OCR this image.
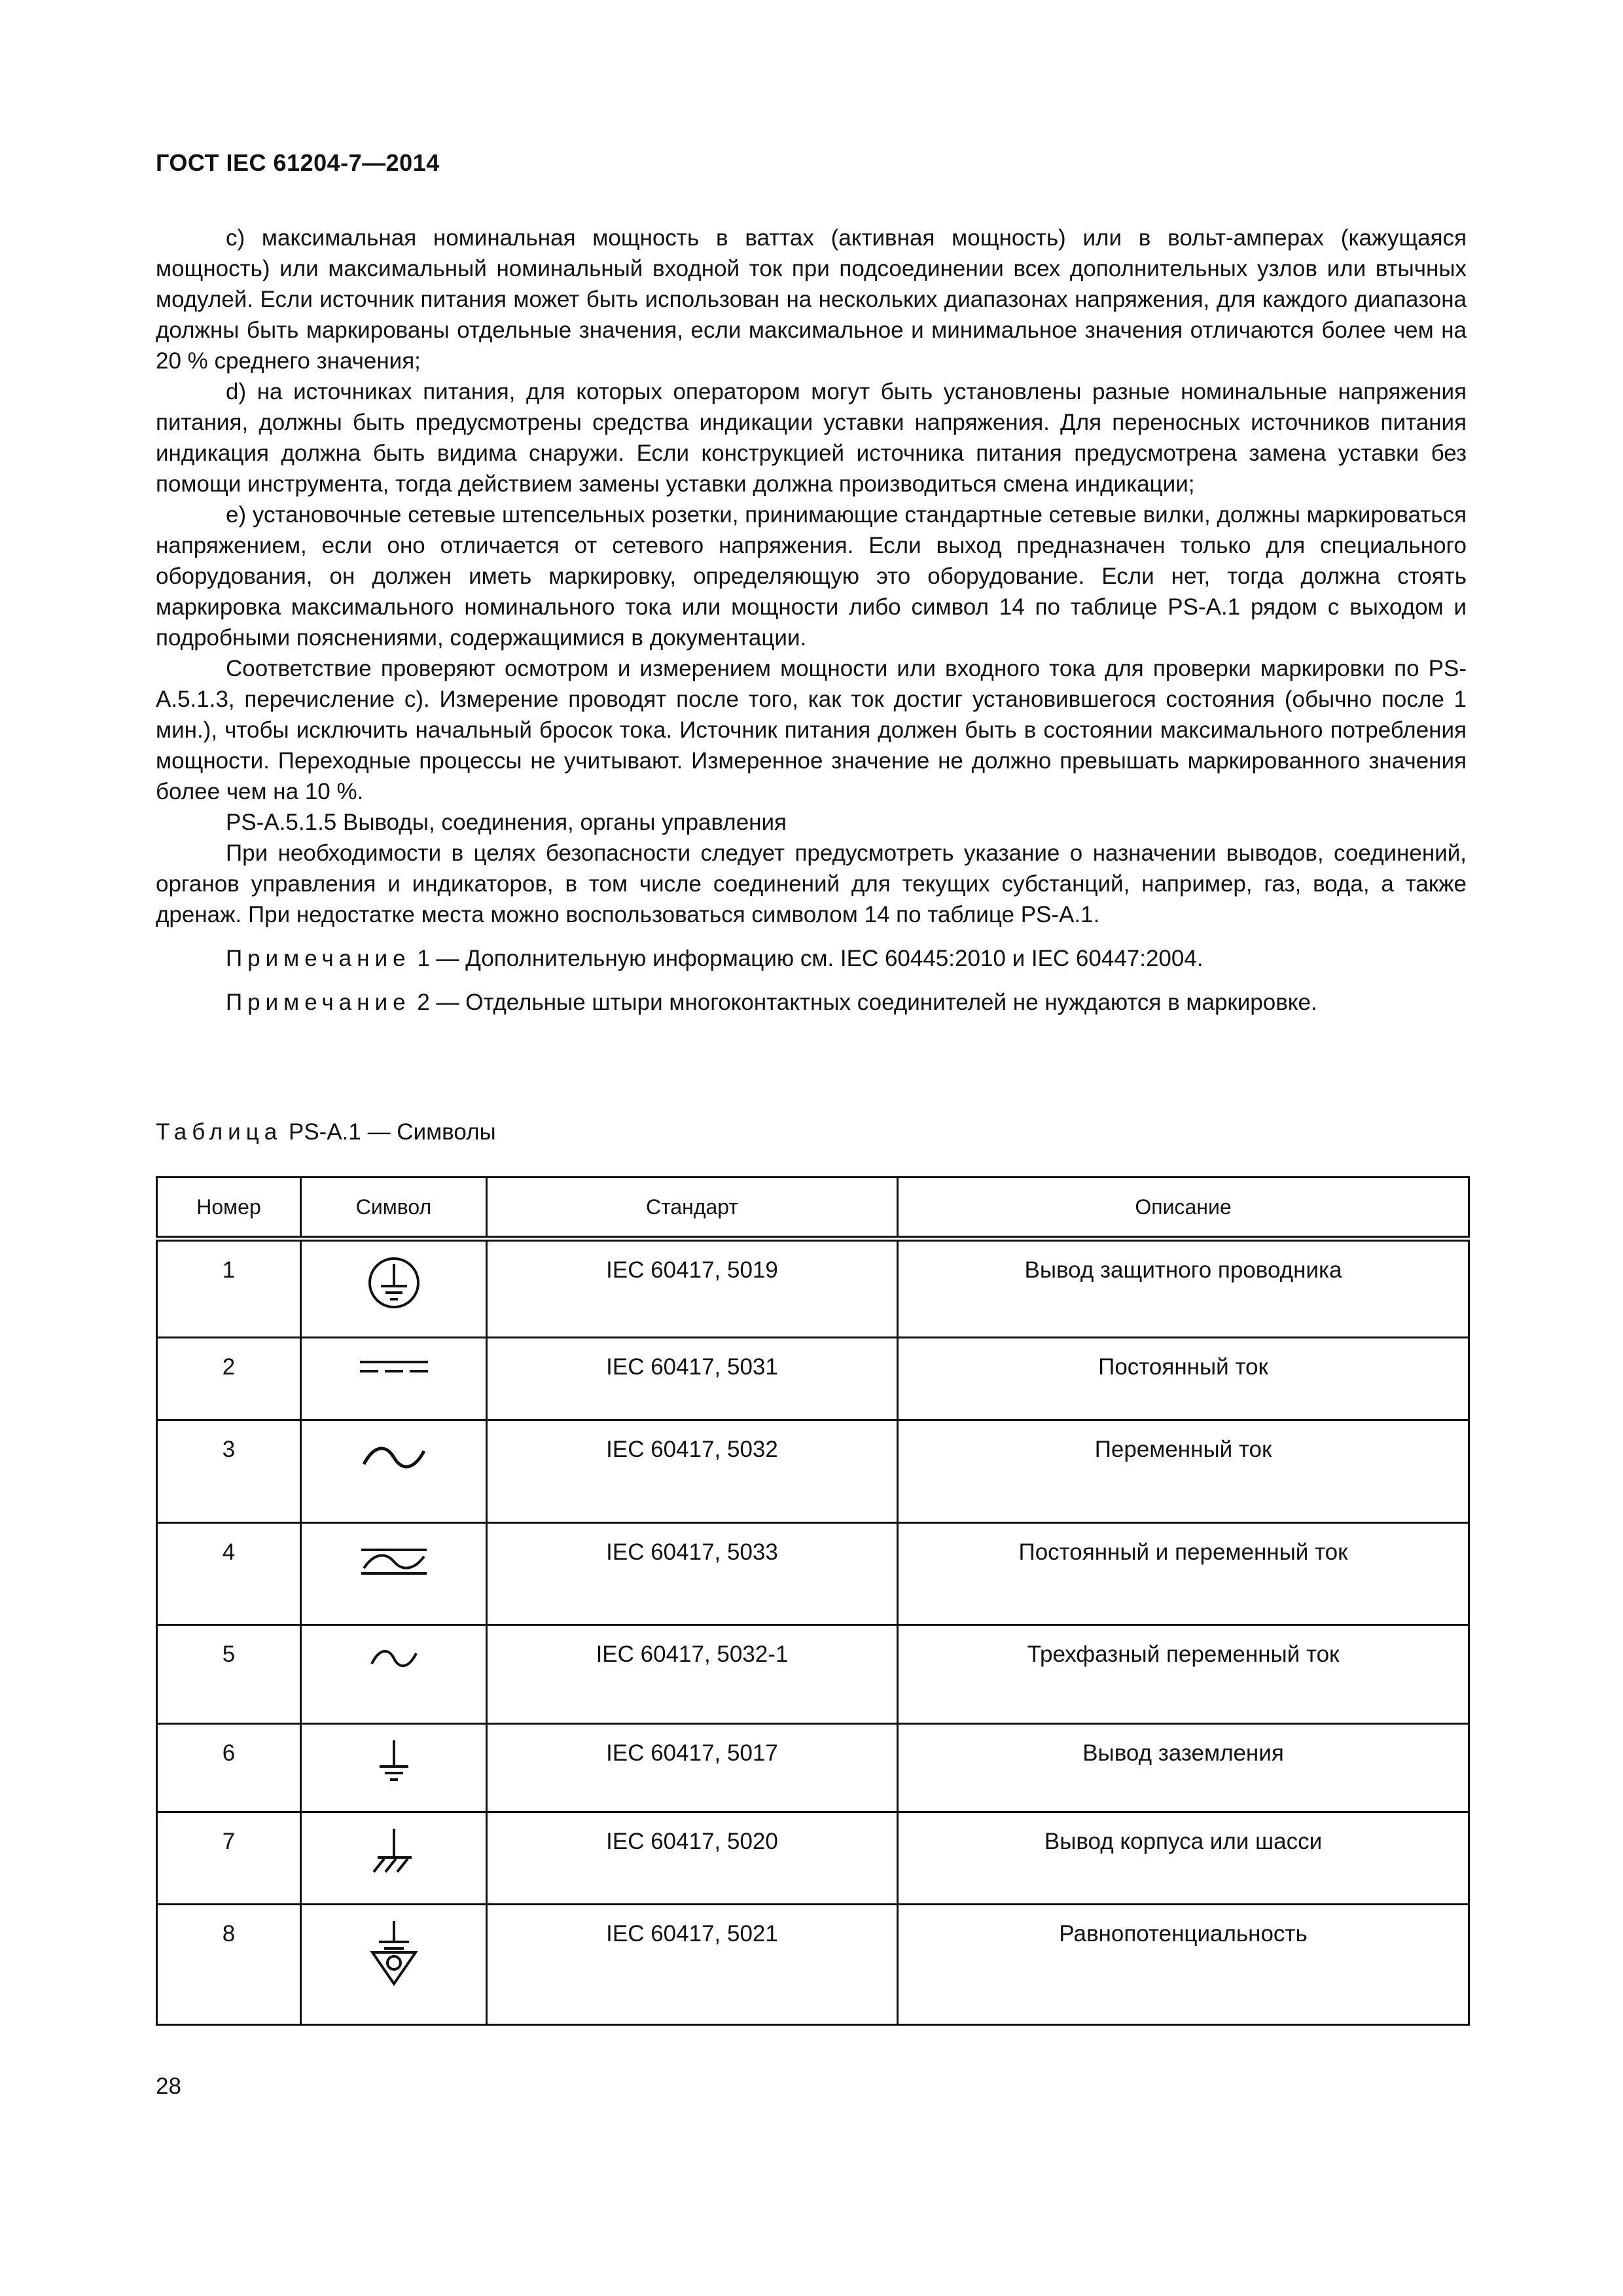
ГОСТ IEC 61204-7—2014

с) максимальная номинальная мощность в ваттах (активная мощность) или в вольт-амперах (кажущаяся мощность) или максимальный номинальный входной ток при подсоединении всех дополнительных узлов или втычных модулей. Если источник питания может быть использован на нескольких диапазонах напряжения, для каждого диапазона должны быть маркированы отдельные значения, если максимальное и минимальное значения отличаются более чем на 20 % среднего значения;

d) на источниках питания, для которых оператором могут быть установлены разные номинальные напряжения питания, должны быть предусмотрены средства индикации уставки напряжения. Для переносных источников питания индикация должна быть видима снаружи. Если конструкцией источника питания предусмотрена замена уставки без помощи инструмента, тогда действием замены уставки должна производиться смена индикации;

е) установочные сетевые штепсельных розетки, принимающие стандартные сетевые вилки, должны маркироваться напряжением, если оно отличается от сетевого напряжения. Если выход предназначен только для специального оборудования, он должен иметь маркировку, определяющую это оборудование. Если нет, тогда должна стоять маркировка максимального номинального тока или мощности либо символ 14 по таблице PS-A.1 рядом с выходом и подробными пояснениями, содержащимися в документации.

Соответствие проверяют осмотром и измерением мощности или входного тока для проверки маркировки по PS-A.5.1.3, перечисление с). Измерение проводят после того, как ток достиг установившегося состояния (обычно после 1 мин.), чтобы исключить начальный бросок тока. Источник питания должен быть в состоянии максимального потребления мощности. Переходные процессы не учитывают. Измеренное значение не должно превышать маркированного значения более чем на 10 %.

PS-A.5.1.5 Выводы, соединения, органы управления

При необходимости в целях безопасности следует предусмотреть указание о назначении выводов, соединений, органов управления и индикаторов, в том числе соединений для текущих субстанций, например, газ, вода, а также дренаж. При недостатке места можно воспользоваться символом 14 по таблице PS-A.1.

Примечание 1 — Дополнительную информацию см. IEC 60445:2010 и IEC 60447:2004.

Примечание 2 — Отдельные штыри многоконтактных соединителей не нуждаются в маркировке.

Таблица PS-A.1 — Символы
Номер	Символ	Стандарт	Описание
1		IEC 60417, 5019	Вывод защитного проводника
2		IEC 60417, 5031	Постоянный ток
3		IEC 60417, 5032	Переменный ток
4		IEC 60417, 5033	Постоянный и переменный ток
5		IEC 60417, 5032-1	Трехфазный переменный ток
6		IEC 60417, 5017	Вывод заземления
7		IEC 60417, 5020	Вывод корпуса или шасси
8		IEC 60417, 5021	Равнопотенциальность
28
